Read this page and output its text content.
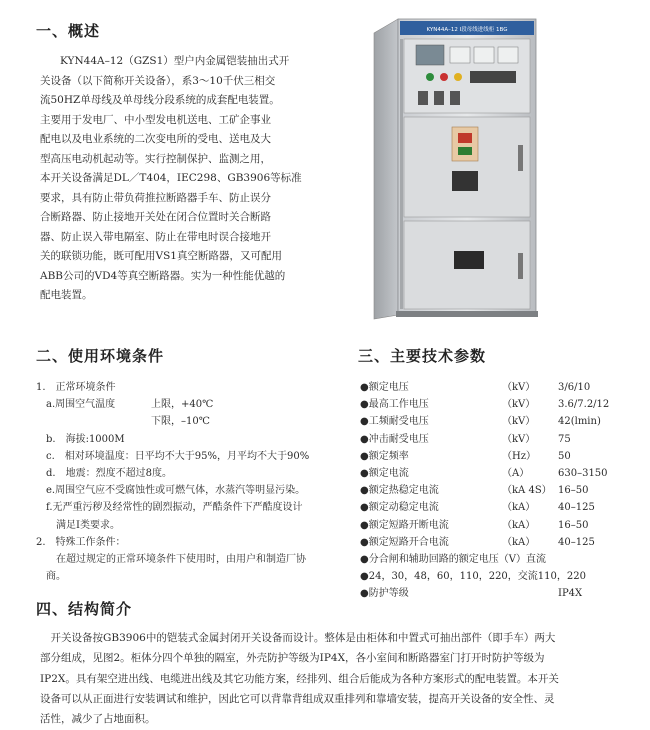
一、概述

KYN44A–12（GZS1）型户内金属铠装抽出式开

关设备（以下简称开关设备），系3～10千伏三相交

流50HZ单母线及单母线分段系统的成套配电装置。

主要用于发电厂、中小型发电机送电、工矿企事业

配电以及电业系统的二次变电所的受电、送电及大

型高压电动机起动等。实行控制保护、监测之用，

本开关设备满足DL／T404，IEC298、GB3906等标准

要求，具有防止带负荷推拉断路器手车、防止误分

合断路器、防止接地开关处在闭合位置时关合断路

器、防止误入带电隔室、防止在带电时误合接地开

关的联锁功能，既可配用VS1真空断路器，又可配用

ABB公司的VD4等真空断路器。实为一种性能优越的

配电装置。

KYN44A–12 Ⅰ段母线进线柜 1BG
二、使用环境条件
1.　正常环境条件
　a.周围空气温度	上限，+40℃
下限，–10℃
　b.　海拔:1000M
　c.　相对环境温度：日平均不大于95%，月平均不大于90%
　d.　地震：烈度不超过8度。
　e.周围空气应不受腐蚀性或可燃气体，水蒸汽等明显污染。
　f.无严重污秽及经常性的剧烈振动，严酷条件下严酷度设计
　　满足Ⅰ类要求。
2.　特殊工作条件：
　　在超过规定的正常环境条件下使用时，由用户和制造厂协
　商。
三、主要技术参数
●额定电压	（kV） 3/6/10
●最高工作电压	（kV） 3.6/7.2/12
●工频耐受电压	（kV） 42(lmin)
●冲击耐受电压	（kV） 75
●额定频率	（Hz） 50
●额定电流	（A）	630–3150
●额定热稳定电流	（kA 4S） 16–50
●额定动稳定电流	（kA） 40–125
●额定短路开断电流	（kA） 16–50
●额定短路开合电流	（kA） 40–125
●分合闸和辅助回路的额定电压（V）直流
●24，30，48，60，110，220，交流110，220
●防护等级	IP4X
四、结构简介
　开关设备按GB3906中的铠装式金属封闭开关设备而设计。整体是由柜体和中置式可抽出部件（即手车）两大
部分组成，见图2。柜体分四个单独的隔室，外壳防护等级为IP4X，各小室间和断路器室门打开时防护等级为
IP2X。具有架空进出线、电缆进出线及其它功能方案，经排列、组合后能成为各种方案形式的配电装置。本开关
设备可以从正面进行安装调试和维护，因此它可以背靠背组成双重排列和靠墙安装，提高开关设备的安全性、灵
活性，减少了占地面积。
